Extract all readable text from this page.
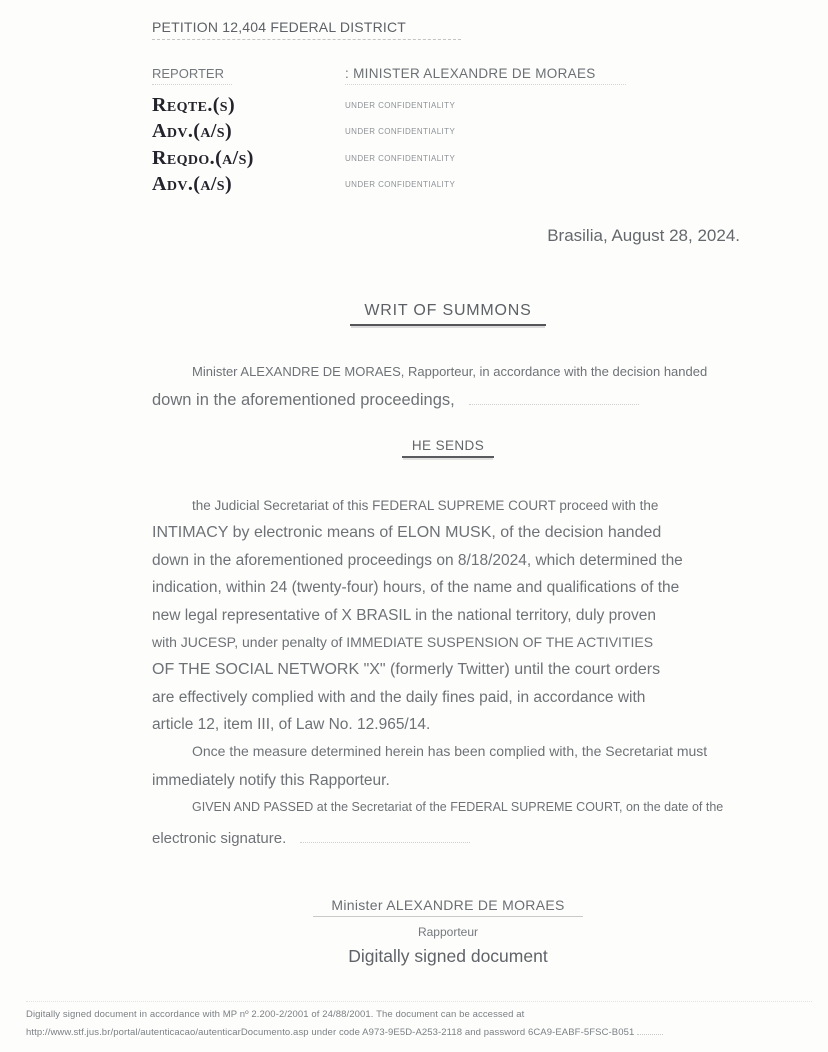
PETITION 12,404 FEDERAL DISTRICT
REPORTER	: MINISTER ALEXANDRE DE MORAES
Reqte.(s)	UNDER CONFIDENTIALITY
Adv.(a/s)	UNDER CONFIDENTIALITY
Reqdo.(a/s)	UNDER CONFIDENTIALITY
Adv.(a/s)	UNDER CONFIDENTIALITY
Brasilia, August 28, 2024.
WRIT OF SUMMONS
Minister ALEXANDRE DE MORAES, Rapporteur, in accordance with the decision handed
down in the aforementioned proceedings,
HE SENDS
the Judicial Secretariat of this FEDERAL SUPREME COURT proceed with the
INTIMACY by electronic means of ELON MUSK, of the decision handed
down in the aforementioned proceedings on 8/18/2024, which determined the
indication, within 24 (twenty-four) hours, of the name and qualifications of the
new legal representative of X BRASIL in the national territory, duly proven
with JUCESP, under penalty of IMMEDIATE SUSPENSION OF THE ACTIVITIES
OF THE SOCIAL NETWORK "X" (formerly Twitter) until the court orders
are effectively complied with and the daily fines paid, in accordance with
article 12, item III, of Law No. 12.965/14.
Once the measure determined herein has been complied with, the Secretariat must
immediately notify this Rapporteur.
GIVEN AND PASSED at the Secretariat of the FEDERAL SUPREME COURT, on the date of the
electronic signature.
Minister ALEXANDRE DE MORAES
Rapporteur
Digitally signed document
Digitally signed document in accordance with MP nº 2.200-2/2001 of 24/88/2001. The document can be accessed at
http://www.stf.jus.br/portal/autenticacao/autenticarDocumento.asp under code A973-9E5D-A253-2118 and password 6CA9-EABF-5FSC-B051
